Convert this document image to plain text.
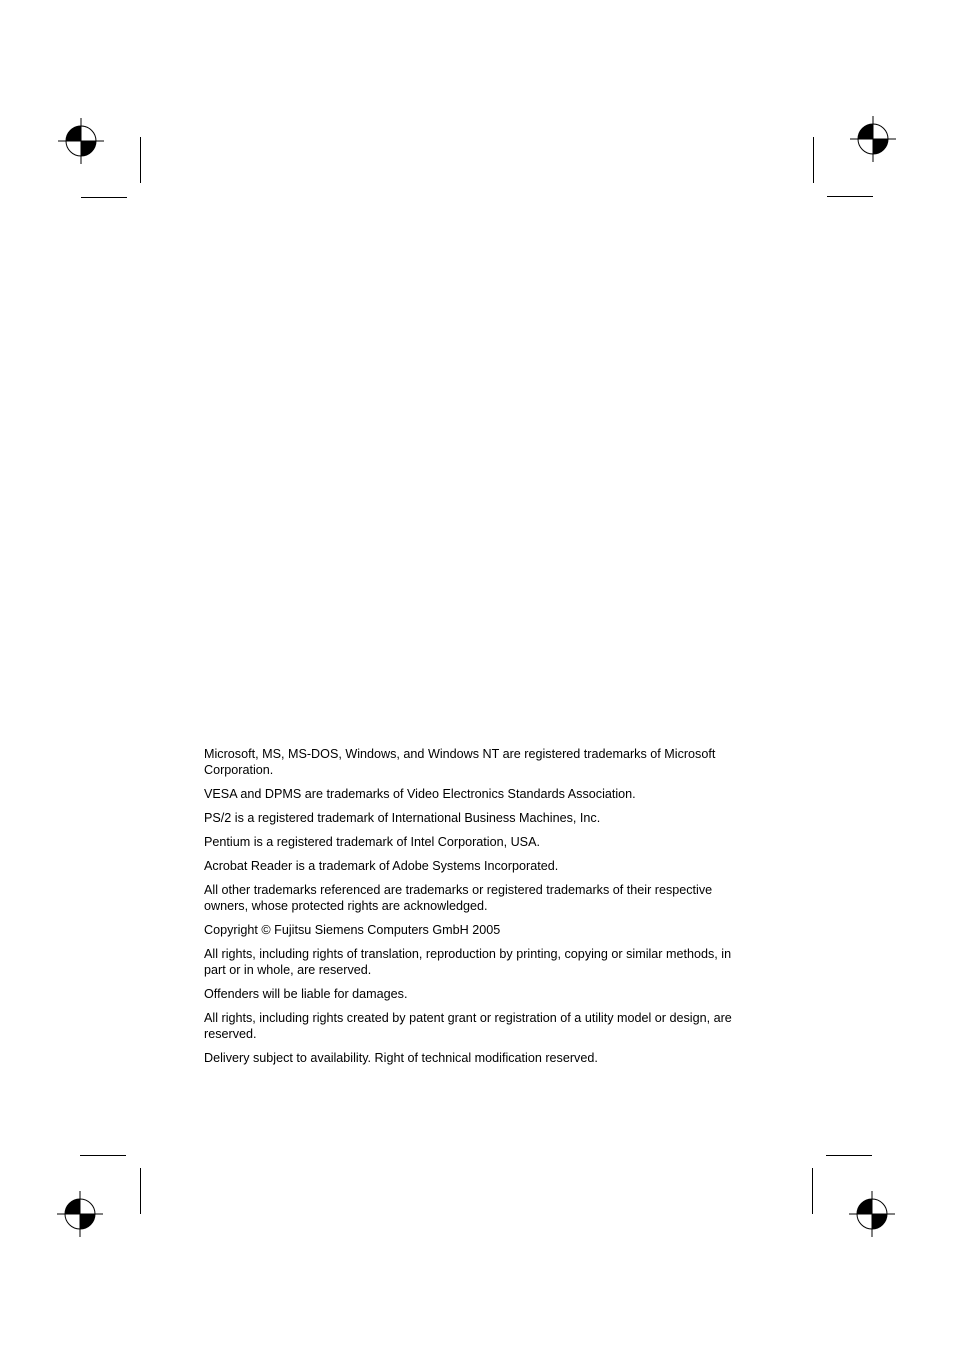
Microsoft, MS, MS-DOS, Windows, and Windows NT are registered trademarks of Microsoft Corporation.

VESA and DPMS are trademarks of Video Electronics Standards Association.

PS/2 is a registered trademark of International Business Machines, Inc.

Pentium is a registered trademark of Intel Corporation, USA.

Acrobat Reader is a trademark of Adobe Systems Incorporated.

All other trademarks referenced are trademarks or registered trademarks of their respective owners, whose protected rights are acknowledged.

Copyright © Fujitsu Siemens Computers GmbH 2005

All rights, including rights of translation, reproduction by printing, copying or similar methods, in part or in whole, are reserved.

Offenders will be liable for damages.

All rights, including rights created by patent grant or registration of a utility model or design, are reserved.

Delivery subject to availability. Right of technical modification reserved.
